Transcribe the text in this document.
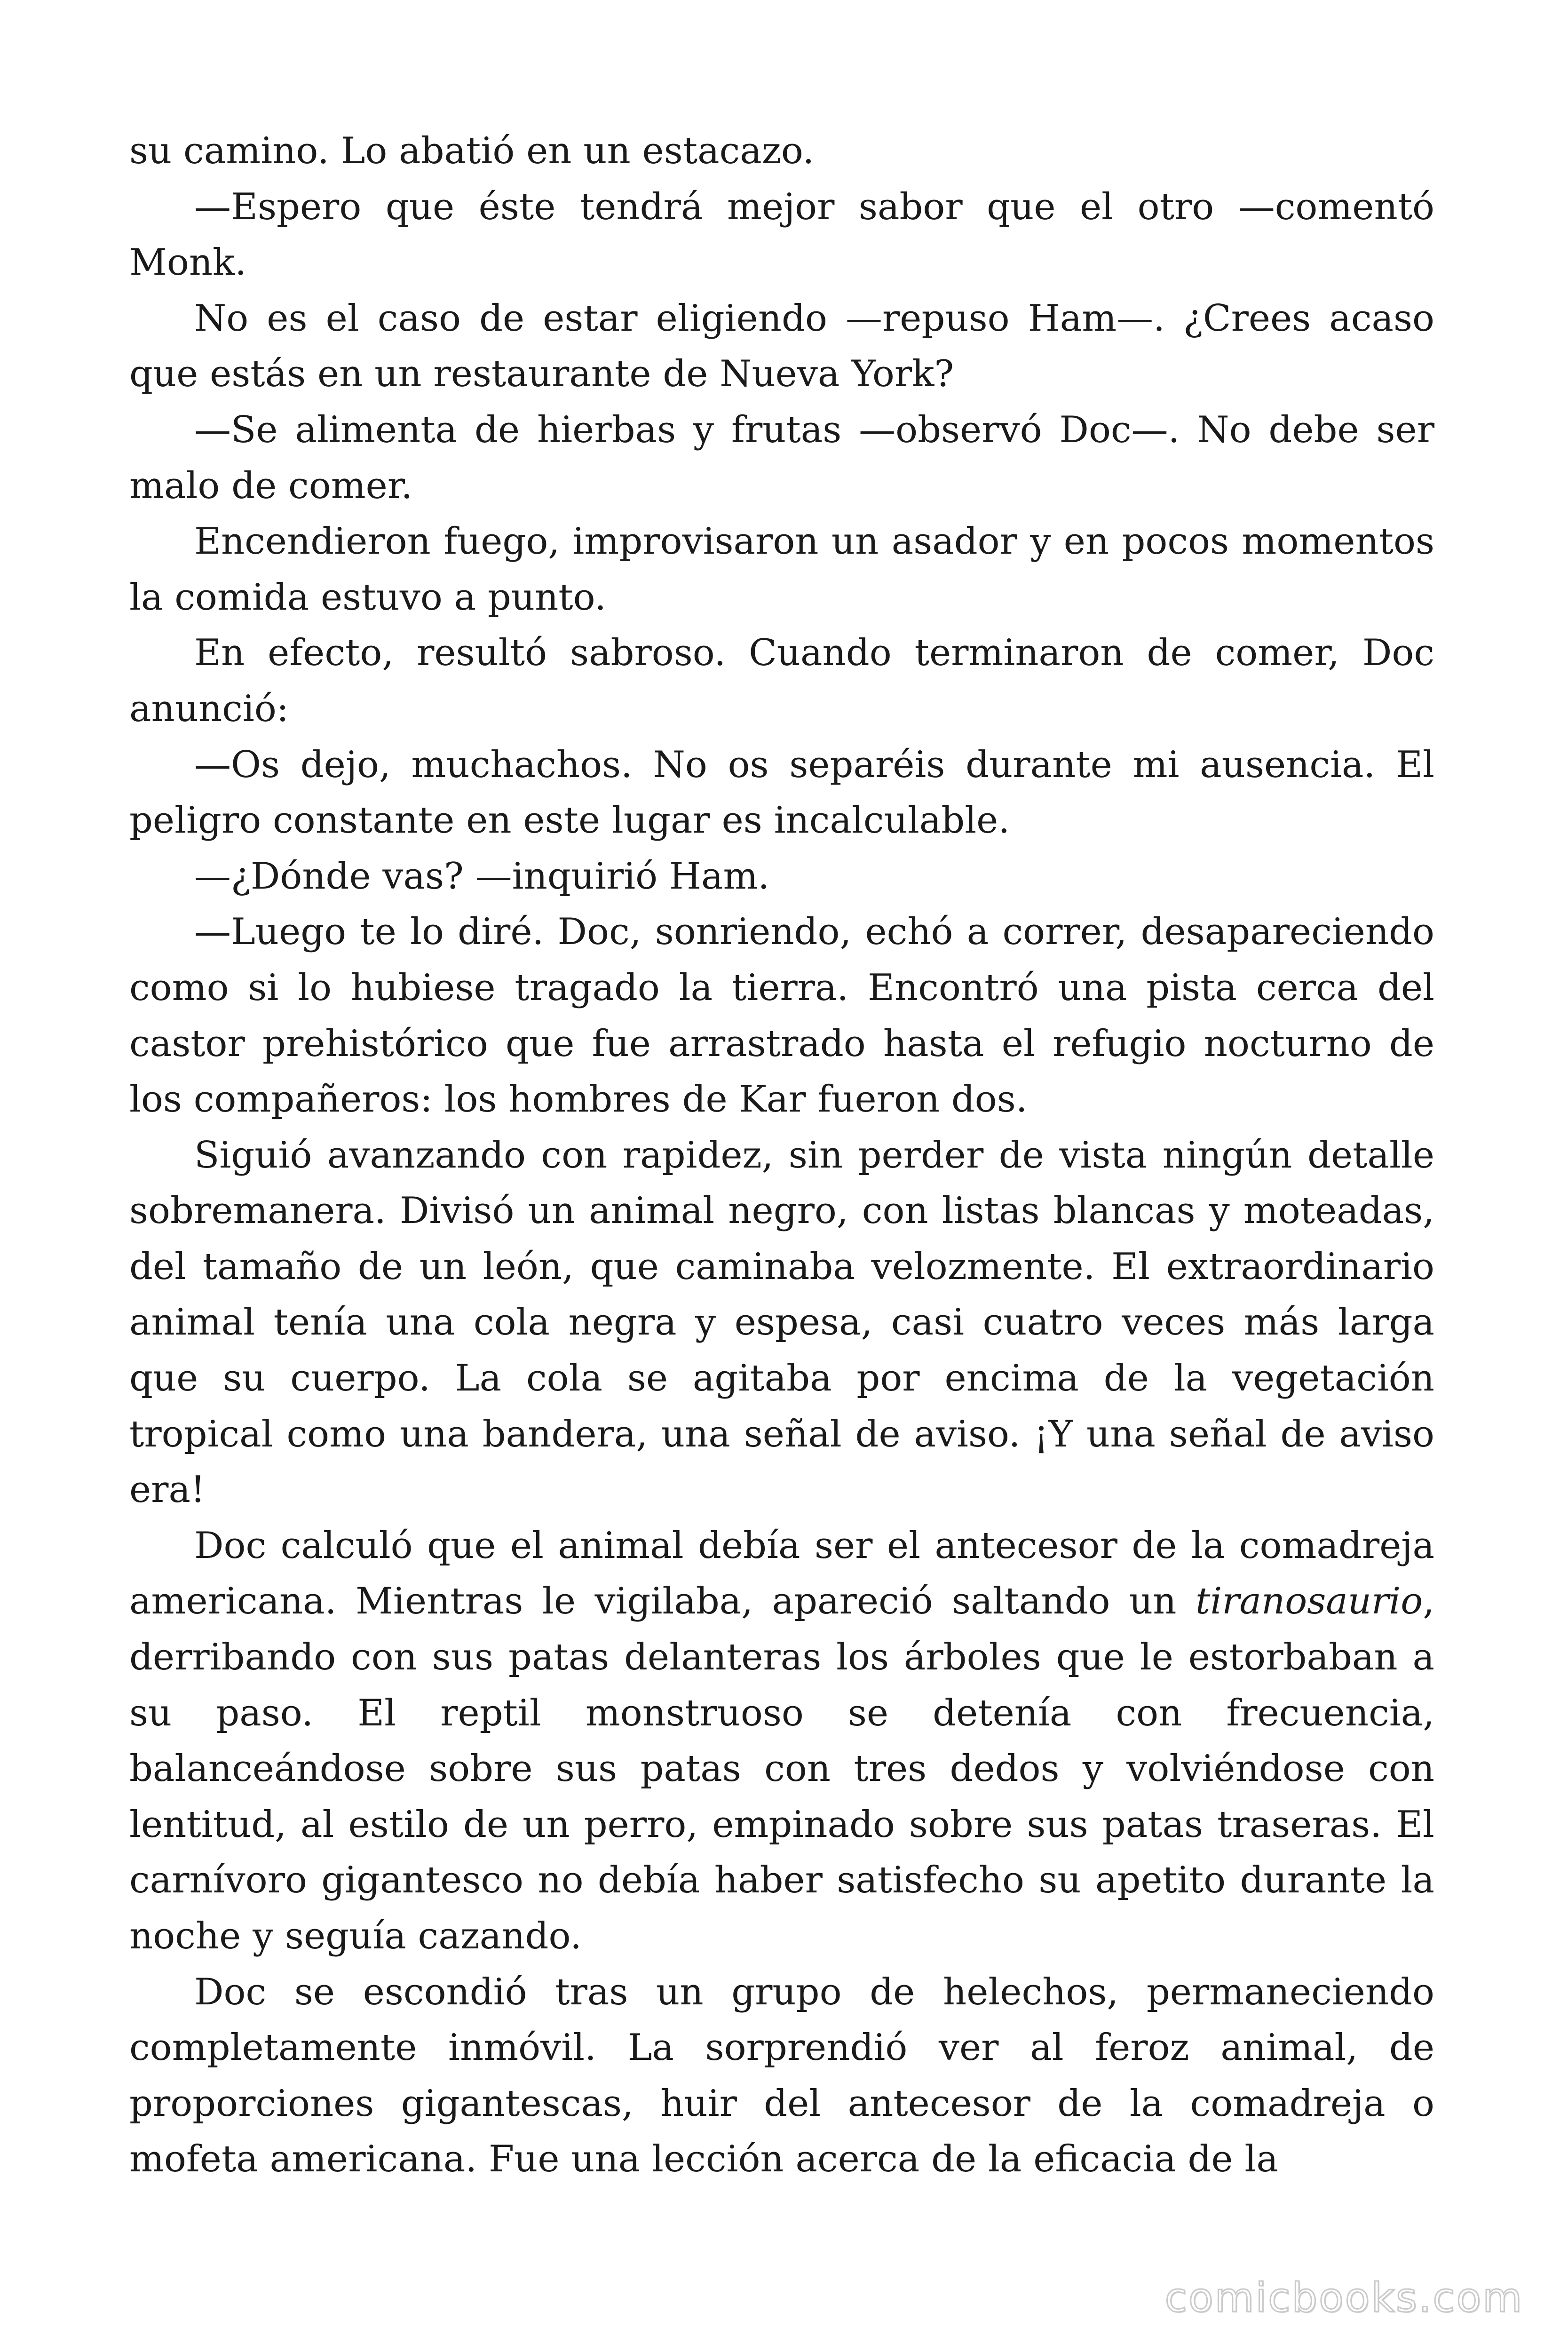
su camino. Lo abatió en un estacazo.

—Espero que éste tendrá mejor sabor que el otro —comentó Monk.

No es el caso de estar eligiendo —repuso Ham—. ¿Crees acaso que estás en un restaurante de Nueva York?

—Se alimenta de hierbas y frutas —observó Doc—. No debe ser malo de comer.

Encendieron fuego, improvisaron un asador y en pocos momentos la comida estuvo a punto.

En efecto, resultó sabroso. Cuando terminaron de comer, Doc anunció:

—Os dejo, muchachos. No os separéis durante mi ausencia. El peligro constante en este lugar es incalculable.

—¿Dónde vas? —inquirió Ham.

—Luego te lo diré. Doc, sonriendo, echó a correr, desapareciendo como si lo hubiese tragado la tierra. Encontró una pista cerca del castor prehistórico que fue arrastrado hasta el refugio nocturno de los compañeros: los hombres de Kar fueron dos.

Siguió avanzando con rapidez, sin perder de vista ningún detalle sobremanera. Divisó un animal negro, con listas blancas y moteadas, del tamaño de un león, que caminaba velozmente. El extraordinario animal tenía una cola negra y espesa, casi cuatro veces más larga que su cuerpo. La cola se agitaba por encima de la vegetación tropical como una bandera, una señal de aviso. ¡Y una señal de aviso era!

Doc calculó que el animal debía ser el antecesor de la comadreja americana. Mientras le vigilaba, apareció saltando un tiranosaurio, derribando con sus patas delanteras los árboles que le estorbaban a su paso. El reptil monstruoso se detenía con frecuencia, balanceándose sobre sus patas con tres dedos y volviéndose con lentitud, al estilo de un perro, empinado sobre sus patas traseras. El carnívoro gigantesco no debía haber satisfecho su apetito durante la noche y seguía cazando.

Doc se escondió tras un grupo de helechos, permaneciendo completamente inmóvil. La sorprendió ver al feroz animal, de proporciones gigantescas, huir del antecesor de la comadreja o mofeta americana. Fue una lección acerca de la eficacia de la

comicbooks.com
